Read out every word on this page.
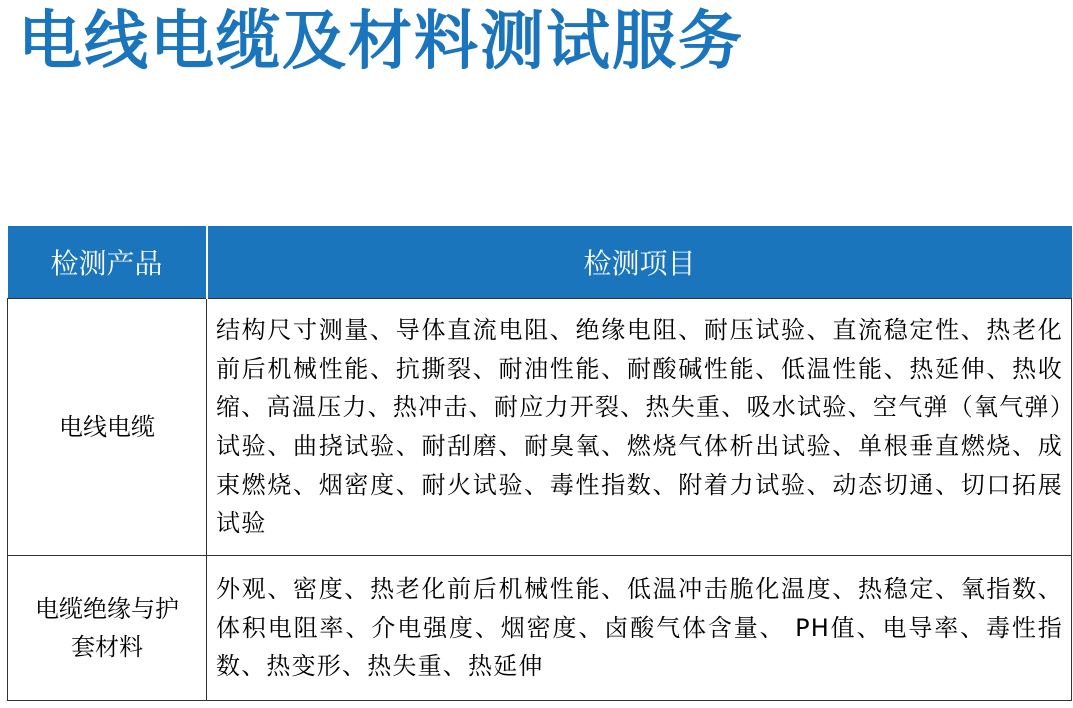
电线电缆及材料测试服务
检测产品	检测项目

电线电缆	结构尺寸测量、导体直流电阻、绝缘电阻、耐压试验、直流稳定性、热老化前后机械性能、抗撕裂、耐油性能、耐酸碱性能、低温性能、热延伸、热收缩、高温压力、热冲击、耐应力开裂、热失重、吸水试验、空气弹（氧气弹）试验、曲挠试验、耐刮磨、耐臭氧、燃烧气体析出试验、单根垂直燃烧、成束燃烧、烟密度、耐火试验、毒性指数、附着力试验、动态切通、切口拓展试验

电缆绝缘与护套材料	外观、密度、热老化前后机械性能、低温冲击脆化温度、热稳定、氧指数、体积电阻率、介电强度、烟密度、卤酸气体含量、 PH值、电导率、毒性指数、热变形、热失重、热延伸
